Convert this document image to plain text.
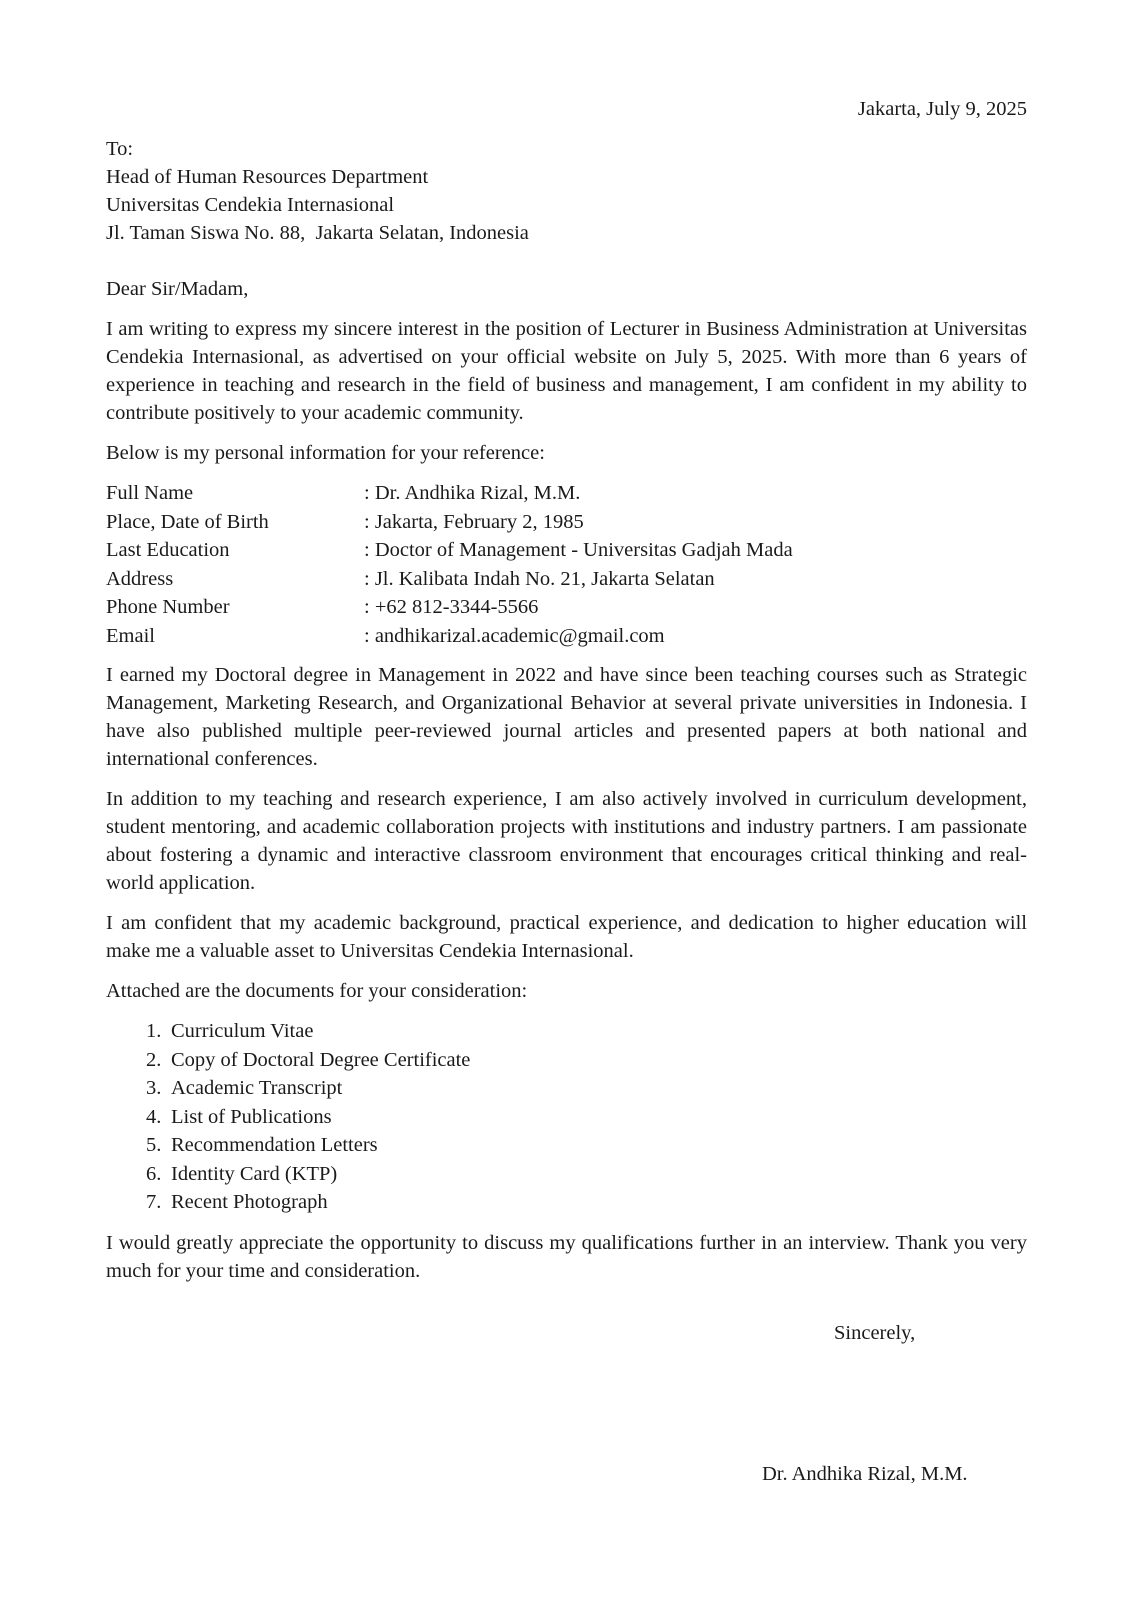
Jakarta, July 9, 2025
To:
Head of Human Resources Department
Universitas Cendekia Internasional
Jl. Taman Siswa No. 88,  Jakarta Selatan, Indonesia

Dear Sir/Madam,

I am writing to express my sincere interest in the position of Lecturer in Business Administration at Universitas Cendekia Internasional, as advertised on your official website on July 5, 2025. With more than 6 years of experience in teaching and research in the field of business and management, I am confident in my ability to contribute positively to your academic community.

Below is my personal information for your reference:

Full Name	: Dr. Andhika Rizal, M.M.
Place, Date of Birth	: Jakarta, February 2, 1985
Last Education	: Doctor of Management - Universitas Gadjah Mada
Address	: Jl. Kalibata Indah No. 21, Jakarta Selatan
Phone Number	: +62 812-3344-5566
Email	: andhikarizal.academic@gmail.com

I earned my Doctoral degree in Management in 2022 and have since been teaching courses such as Strategic Management, Marketing Research, and Organizational Behavior at several private universities in Indonesia. I have also published multiple peer-reviewed journal articles and presented papers at both national and international conferences.

In addition to my teaching and research experience, I am also actively involved in curriculum development, student mentoring, and academic collaboration projects with institutions and industry partners. I am passionate about fostering a dynamic and interactive classroom environment that encourages critical thinking and real-world application.

I am confident that my academic background, practical experience, and dedication to higher education will make me a valuable asset to Universitas Cendekia Internasional.

Attached are the documents for your consideration:

1. Curriculum Vitae
2. Copy of Doctoral Degree Certificate
3. Academic Transcript
4. List of Publications
5. Recommendation Letters
6. Identity Card (KTP)
7. Recent Photograph

I would greatly appreciate the opportunity to discuss my qualifications further in an interview. Thank you very much for your time and consideration.

Sincerely,
Dr. Andhika Rizal, M.M.
